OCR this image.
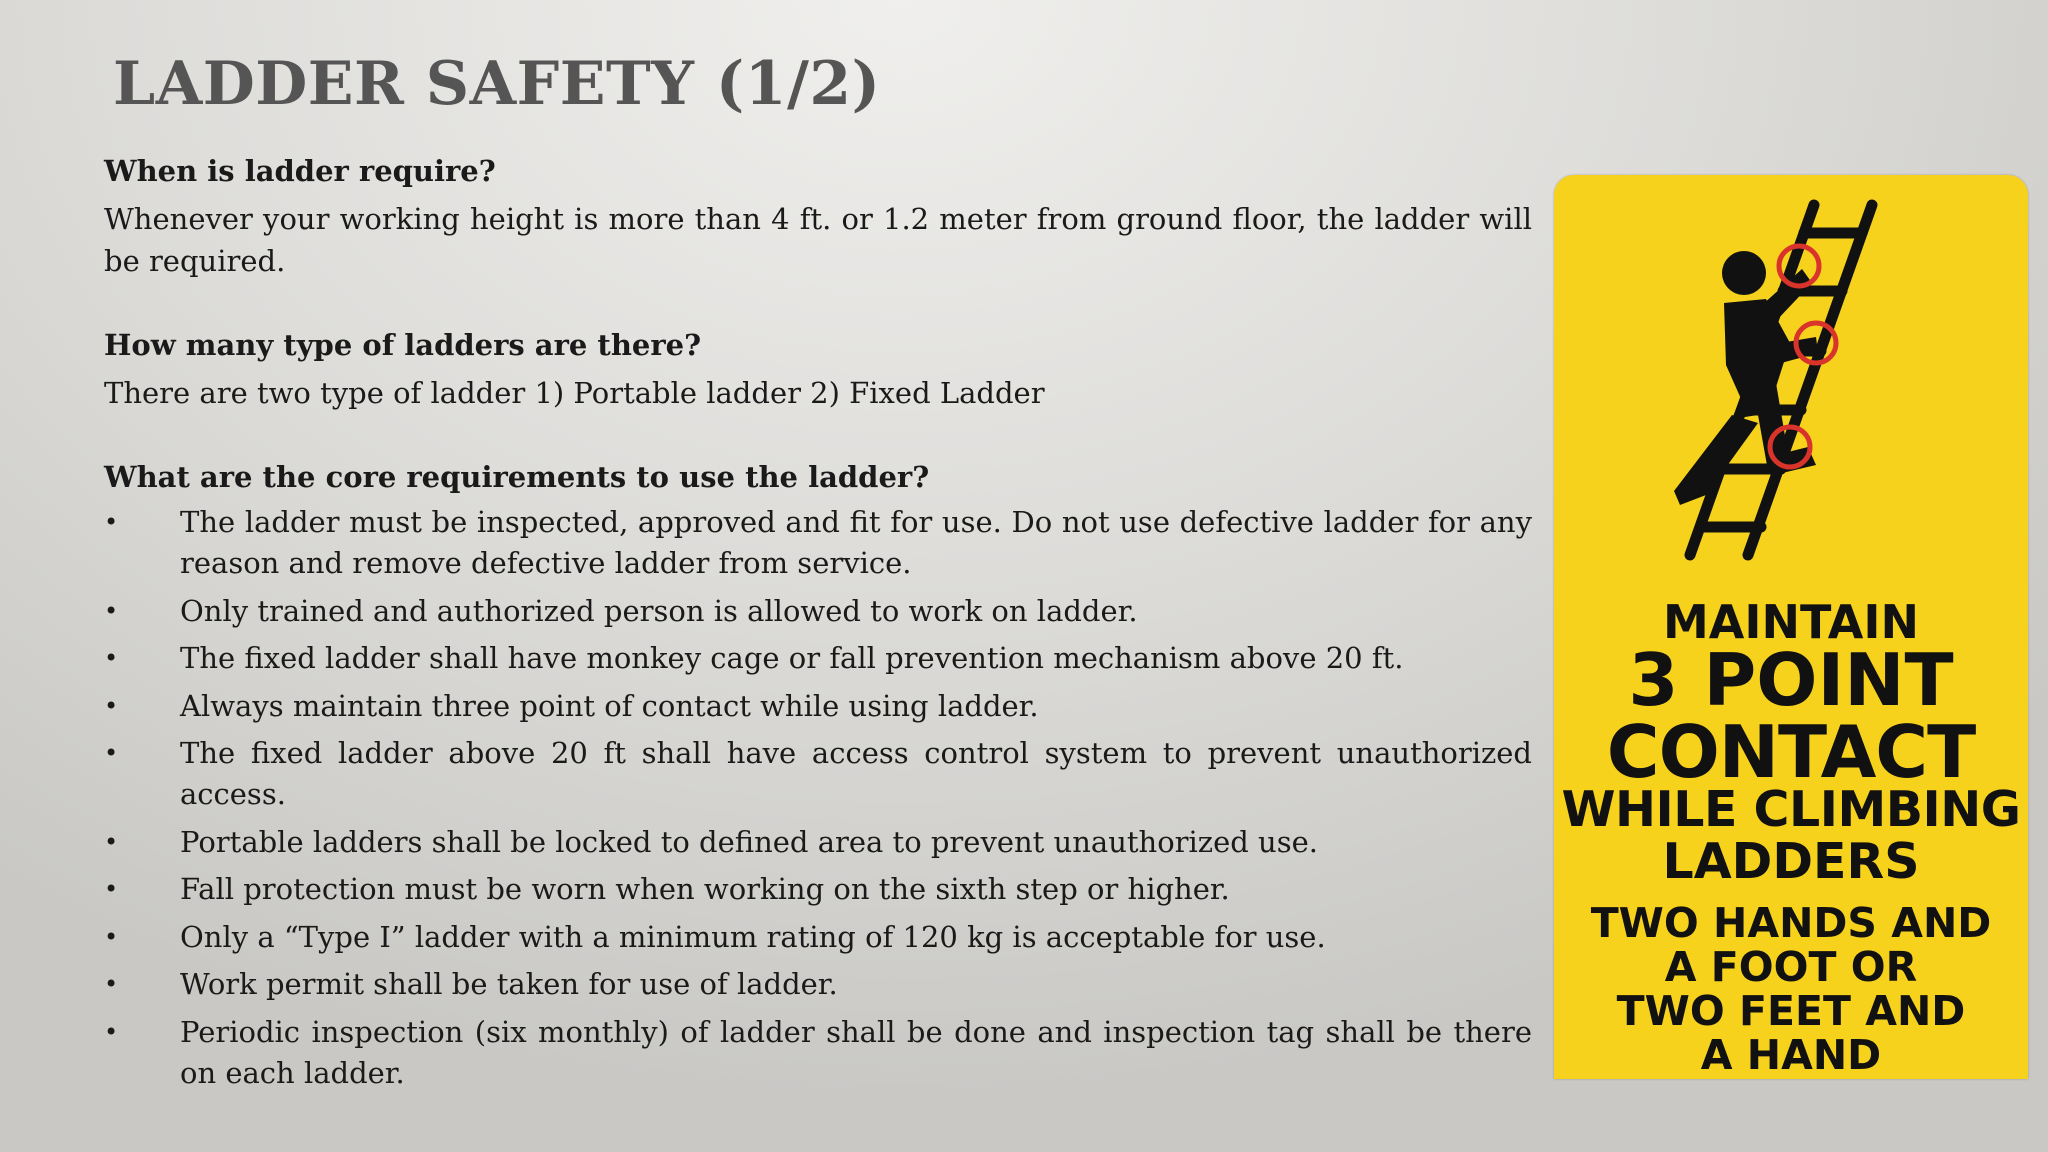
LADDER SAFETY (1/2)

When is ladder require?

Whenever your working height is more than 4 ft. or 1.2 meter from ground floor, the ladder will be required.

How many type of ladders are there?

There are two type of ladder 1) Portable ladder 2) Fixed Ladder

What are the core requirements to use the ladder?

• The ladder must be inspected, approved and fit for use. Do not use defective ladder for any reason and remove defective ladder from service.
• Only trained and authorized person is allowed to work on ladder.
• The fixed ladder shall have monkey cage or fall prevention mechanism above 20 ft.
• Always maintain three point of contact while using ladder.
• The fixed ladder above 20 ft shall have access control system to prevent unauthorized access.
• Portable ladders shall be locked to defined area to prevent unauthorized use.
• Fall protection must be worn when working on the sixth step or higher.
• Only a “Type I” ladder with a minimum rating of 120 kg is acceptable for use.
• Work permit shall be taken for use of ladder.
• Periodic inspection (six monthly) of ladder shall be done and inspection tag shall be there on each ladder.
MAINTAIN
3 POINT
CONTACT
WHILE CLIMBING
LADDERS
TWO HANDS AND
A FOOT OR
TWO FEET AND
A HAND
